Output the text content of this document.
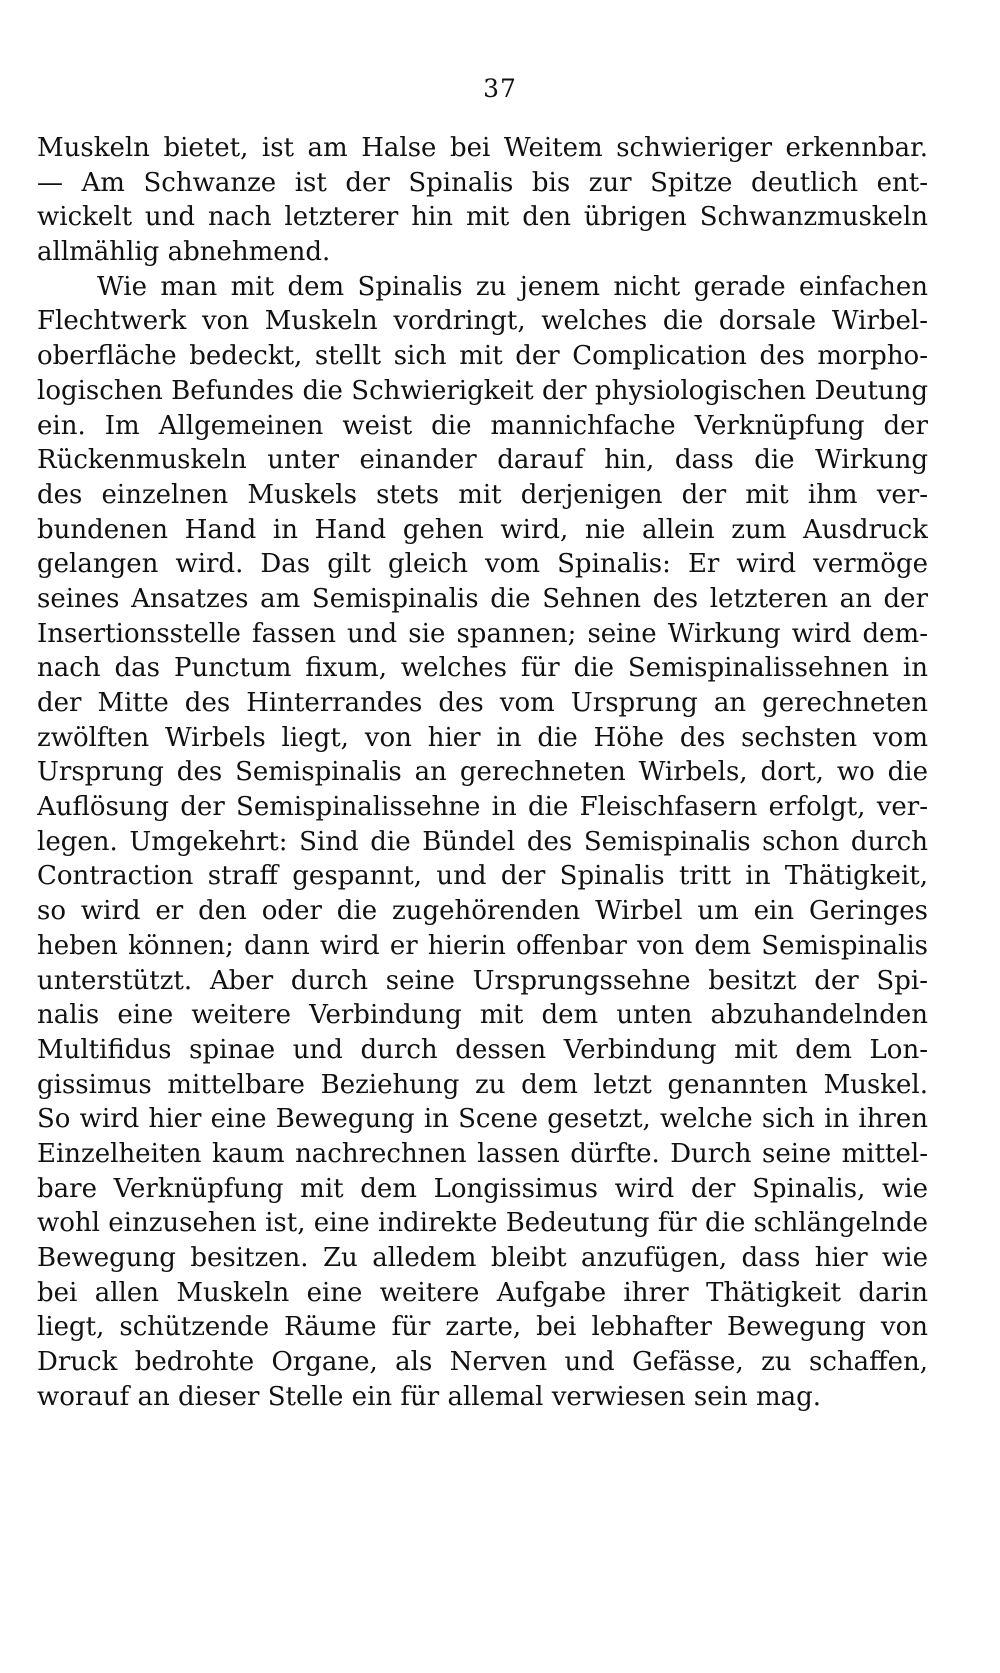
37
Muskeln bietet, ist am Halse bei Weitem schwieriger erkennbar.
— Am Schwanze ist der Spinalis bis zur Spitze deutlich ent-
wickelt und nach letzterer hin mit den übrigen Schwanzmuskeln
allmählig abnehmend.
Wie man mit dem Spinalis zu jenem nicht gerade einfachen
Flechtwerk von Muskeln vordringt, welches die dorsale Wirbel-
oberfläche bedeckt, stellt sich mit der Complication des morpho-
logischen Befundes die Schwierigkeit der physiologischen Deutung
ein. Im Allgemeinen weist die mannichfache Verknüpfung der
Rückenmuskeln unter einander darauf hin, dass die Wirkung
des einzelnen Muskels stets mit derjenigen der mit ihm ver-
bundenen Hand in Hand gehen wird, nie allein zum Ausdruck
gelangen wird. Das gilt gleich vom Spinalis: Er wird vermöge
seines Ansatzes am Semispinalis die Sehnen des letzteren an der
Insertionsstelle fassen und sie spannen; seine Wirkung wird dem-
nach das Punctum fixum, welches für die Semispinalissehnen in
der Mitte des Hinterrandes des vom Ursprung an gerechneten
zwölften Wirbels liegt, von hier in die Höhe des sechsten vom
Ursprung des Semispinalis an gerechneten Wirbels, dort, wo die
Auflösung der Semispinalissehne in die Fleischfasern erfolgt, ver-
legen. Umgekehrt: Sind die Bündel des Semispinalis schon durch
Contraction straff gespannt, und der Spinalis tritt in Thätigkeit,
so wird er den oder die zugehörenden Wirbel um ein Geringes
heben können; dann wird er hierin offenbar von dem Semispinalis
unterstützt. Aber durch seine Ursprungssehne besitzt der Spi-
nalis eine weitere Verbindung mit dem unten abzuhandelnden
Multifidus spinae und durch dessen Verbindung mit dem Lon-
gissimus mittelbare Beziehung zu dem letzt genannten Muskel.
So wird hier eine Bewegung in Scene gesetzt, welche sich in ihren
Einzelheiten kaum nachrechnen lassen dürfte. Durch seine mittel-
bare Verknüpfung mit dem Longissimus wird der Spinalis, wie
wohl einzusehen ist, eine indirekte Bedeutung für die schlängelnde
Bewegung besitzen. Zu alledem bleibt anzufügen, dass hier wie
bei allen Muskeln eine weitere Aufgabe ihrer Thätigkeit darin
liegt, schützende Räume für zarte, bei lebhafter Bewegung von
Druck bedrohte Organe, als Nerven und Gefässe, zu schaffen,
worauf an dieser Stelle ein für allemal verwiesen sein mag.
